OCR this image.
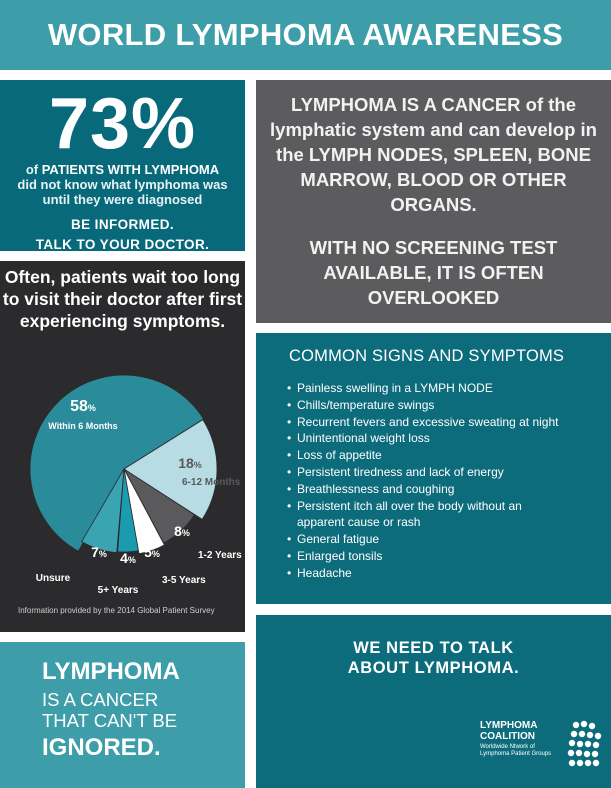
WORLD LYMPHOMA AWARENESS
73%
of PATIENTS WITH LYMPHOMA
did not know what lymphoma was
until they were diagnosed
BE INFORMED.
TALK TO YOUR DOCTOR.

LYMPHOMA IS A CANCER of the lymphatic system and can develop in the LYMPH NODES, SPLEEN, BONE MARROW, BLOOD OR OTHER ORGANS.

WITH NO SCREENING TEST AVAILABLE, IT IS OFTEN OVERLOOKED

Often, patients wait too long to visit their doctor after first experiencing symptoms.
58%
Within 6 Months
18%
6-12 Months
8%
1-2 Years
5%
3-5 Years
4%
5+ Years
7%
Unsure
Information provided by the 2014 Global Patient Survey
COMMON SIGNS AND SYMPTOMS
• Painless swelling in a LYMPH NODE
• Chills/temperature swings
• Recurrent fevers and excessive sweating at night
• Unintentional weight loss
• Loss of appetite
• Persistent tiredness and lack of energy
• Breathlessness and coughing
• Persistent itch all over the body without an
apparent cause or rash
• General fatigue
• Enlarged tonsils
• Headache
WE NEED TO TALK
ABOUT LYMPHOMA.
LYMPHOMA
COALITION
Worldwide Ntwork of
Lymphoma Patient Groups
LYMPHOMA
IS A CANCER
THAT CAN'T BE
IGNORED.
